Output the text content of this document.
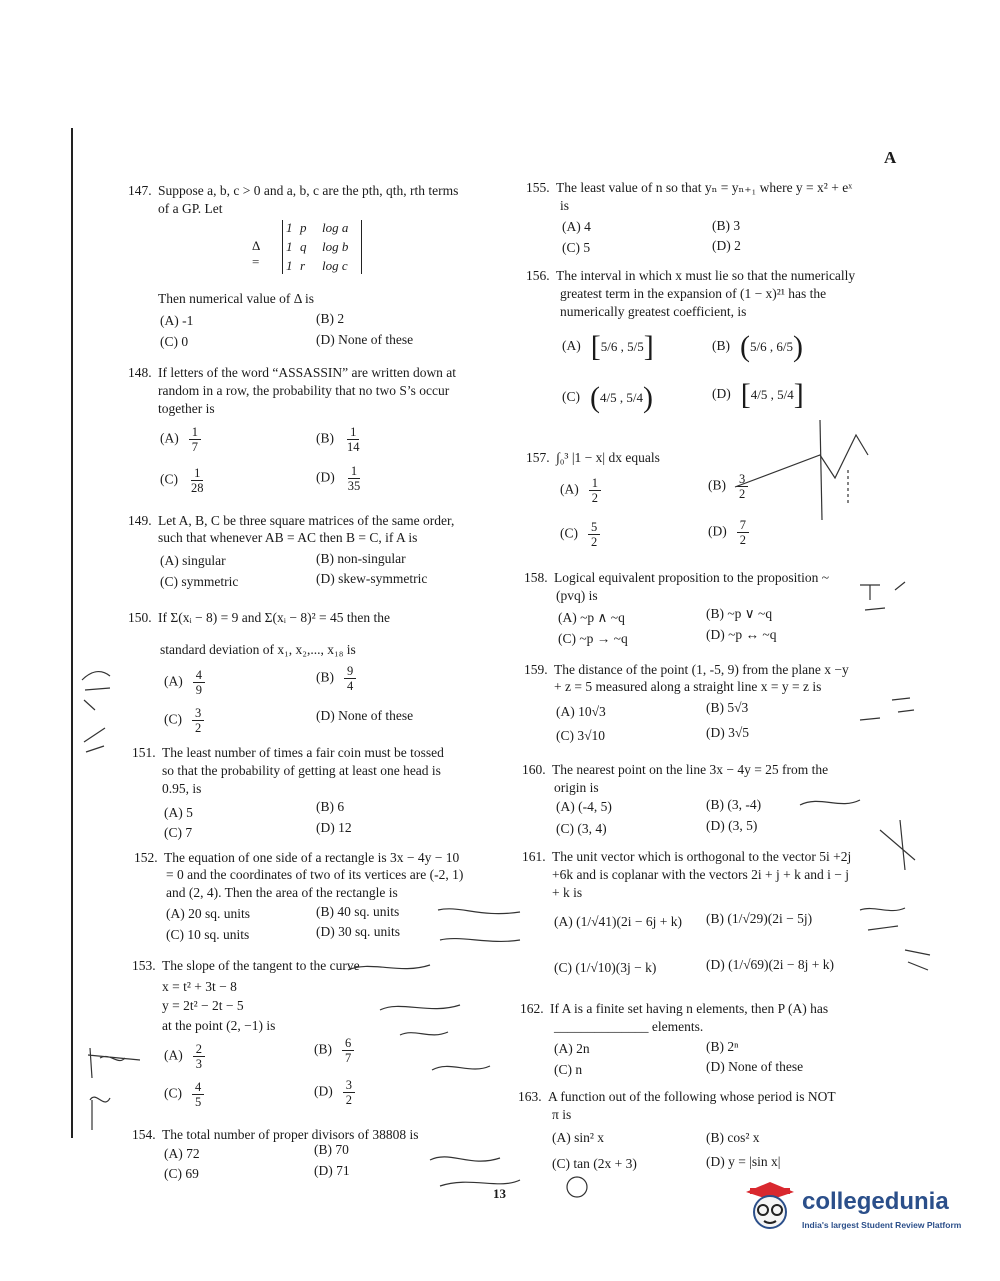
A
147. Suppose a, b, c > 0 and a, b, c are the pth, qth, rth terms
of a GP. Let
Δ =
1 p	log a
1 q	log b
1 r	log c
Then numerical value of Δ is
(A) -1	(B) 2
(C) 0	(D) None of these
148. If letters of the word “ASSASSIN” are written down at
random in a row, the probability that no two S’s occur
together is
$(A) \frac{1}{7}$	$(B) \frac{1}{14}$
$(C) \frac{1}{28}$	$(D) \frac{1}{35}$
149. Let A, B, C be three square matrices of the same order,
such that whenever AB = AC then B = C, if A is
(A) singular	(B) non-singular
(C) symmetric	(D) skew-symmetric
150. If Σ(xᵢ − 8) = 9 and Σ(xᵢ − 8)² = 45 then the
standard deviation of x₁, x₂,..., x₁₈ is
$(A) \frac{4}{9}$	$(B) \frac{9}{4}$
$(C) \frac{3}{2}$	(D) None of these
151. The least number of times a fair coin must be tossed
so that the probability of getting at least one head is
0.95, is
(A) 5	(B) 6
(C) 7	(D) 12
152. The equation of one side of a rectangle is 3x − 4y − 10
= 0 and the coordinates of two of its vertices are (-2, 1)
and (2, 4). Then the area of the rectangle is
(A) 20 sq. units	(B) 40 sq. units
(C) 10 sq. units	(D) 30 sq. units
153. The slope of the tangent to the curve
x = t² + 3t − 8
y = 2t² − 2t − 5
at the point (2, −1) is
$(A) \frac{2}{3}$	$(B) \frac{6}{7}$
$(C) \frac{4}{5}$	$(D) \frac{3}{2}$
154. The total number of proper divisors of 38808 is
(A) 72	(B) 70
(C) 69	(D) 71
155. The least value of n so that yₙ = yₙ₊₁ where y = x² + eˣ
is
(A) 4	(B) 3
(C) 5	(D) 2
156. The interval in which x must lie so that the numerically
greatest term in the expansion of (1 − x)²¹ has the
numerically greatest coefficient, is
(A) [ 5/6 , 5/5 ]	(B) ( 5/6 , 6/5 )
(C) ( 4/5 , 5/4 )	(D) [ 4/5 , 5/4 ]
157. ∫₀³ |1 − x| dx equals
$(A) \frac{1}{2}$	$(B) \frac{3}{2}$
$(C) \frac{5}{2}$	$(D) \frac{7}{2}$
158. Logical equivalent proposition to the proposition ~
(pvq) is
(A) ~p ∧ ~q	(B) ~p ∨ ~q
(C) ~p → ~q	(D) ~p ↔ ~q
159. The distance of the point (1, -5, 9) from the plane x −y
+ z = 5 measured along a straight line x = y = z is
(A) 10√3	(B) 5√3
(C) 3√10	(D) 3√5
160. The nearest point on the line 3x − 4y = 25 from the
origin is
(A) (-4, 5)	(B) (3, -4)
(C) (3, 4)	(D) (3, 5)
161. The unit vector which is orthogonal to the vector 5i +2j
+6k and is coplanar with the vectors 2i + j + k and i − j
+ k is
(A) (1/√41)(2i − 6j + k) (B) (1/√29)(2i − 5j)
(C) (1/√10)(3j − k)	(D) (1/√69)(2i − 8j + k)
162. If A is a finite set having n elements, then P (A) has
______________ elements.
(A) 2n	(B) 2ⁿ
(C) n	(D) None of these
163. A function out of the following whose period is NOT
π is
(A) sin² x	(B) cos² x
(C) tan (2x + 3)	(D) y = |sin x|
13	collegedunia
India's largest Student Review Platform
